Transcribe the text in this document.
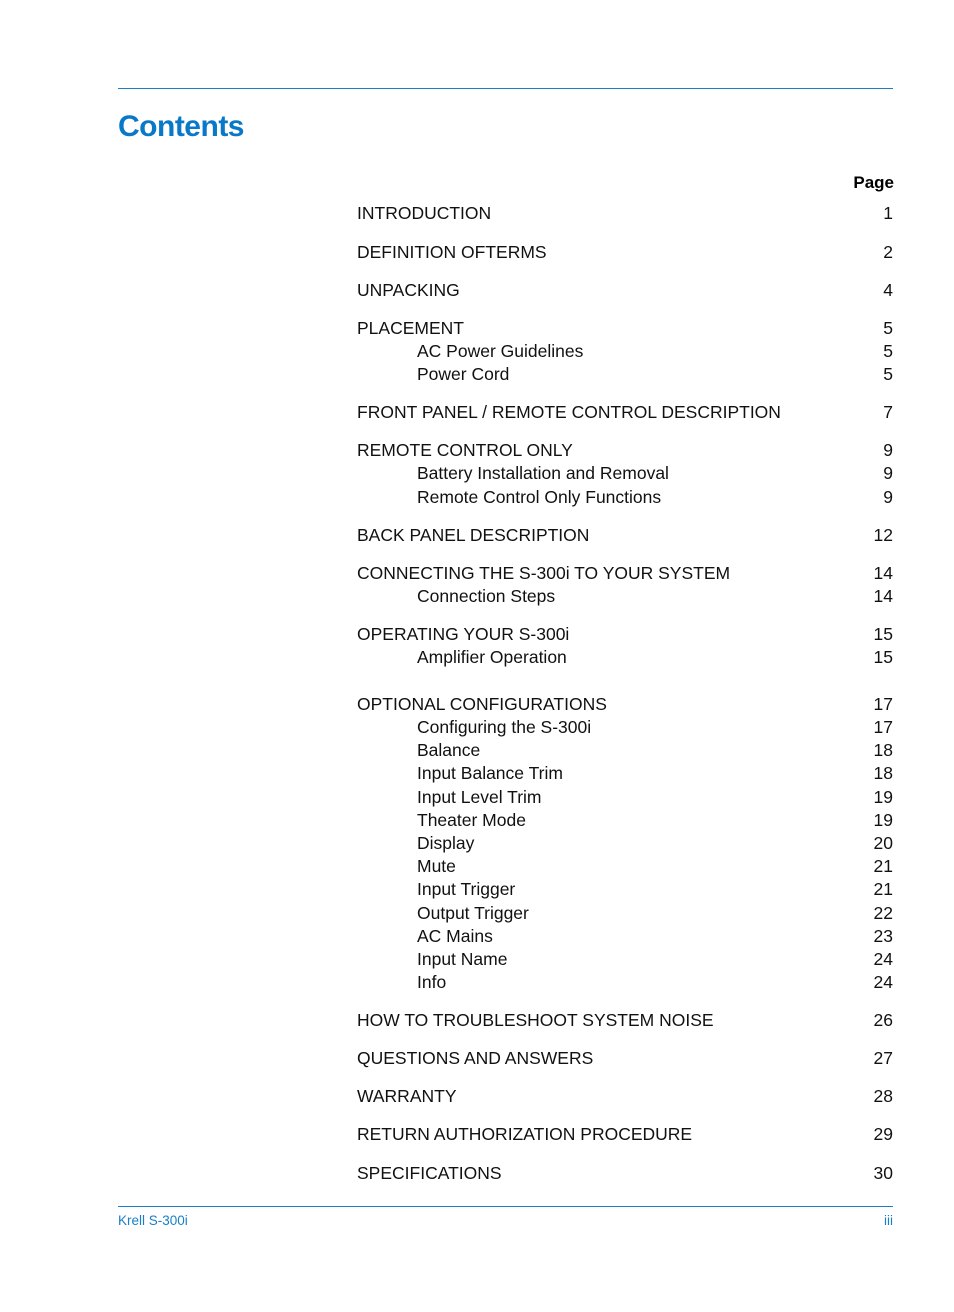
Contents
Page
INTRODUCTION	1
DEFINITION OFTERMS	2
UNPACKING	4
PLACEMENT	5
AC Power Guidelines	5
Power Cord	5
FRONT PANEL / REMOTE CONTROL DESCRIPTION	7
REMOTE CONTROL ONLY	9
Battery Installation and Removal	9
Remote Control Only Functions	9
BACK PANEL DESCRIPTION	12
CONNECTING THE S-300i TO YOUR SYSTEM	14
Connection Steps	14
OPERATING YOUR S-300i	15
Amplifier Operation	15
OPTIONAL CONFIGURATIONS	17
Configuring the S-300i	17
Balance	18
Input Balance Trim	18
Input Level Trim	19
Theater Mode	19
Display	20
Mute	21
Input Trigger	21
Output Trigger	22
AC Mains	23
Input Name	24
Info	24
HOW TO TROUBLESHOOT SYSTEM NOISE	26
QUESTIONS AND ANSWERS	27
WARRANTY	28
RETURN AUTHORIZATION PROCEDURE	29
SPECIFICATIONS	30
Krell S-300i	iii
